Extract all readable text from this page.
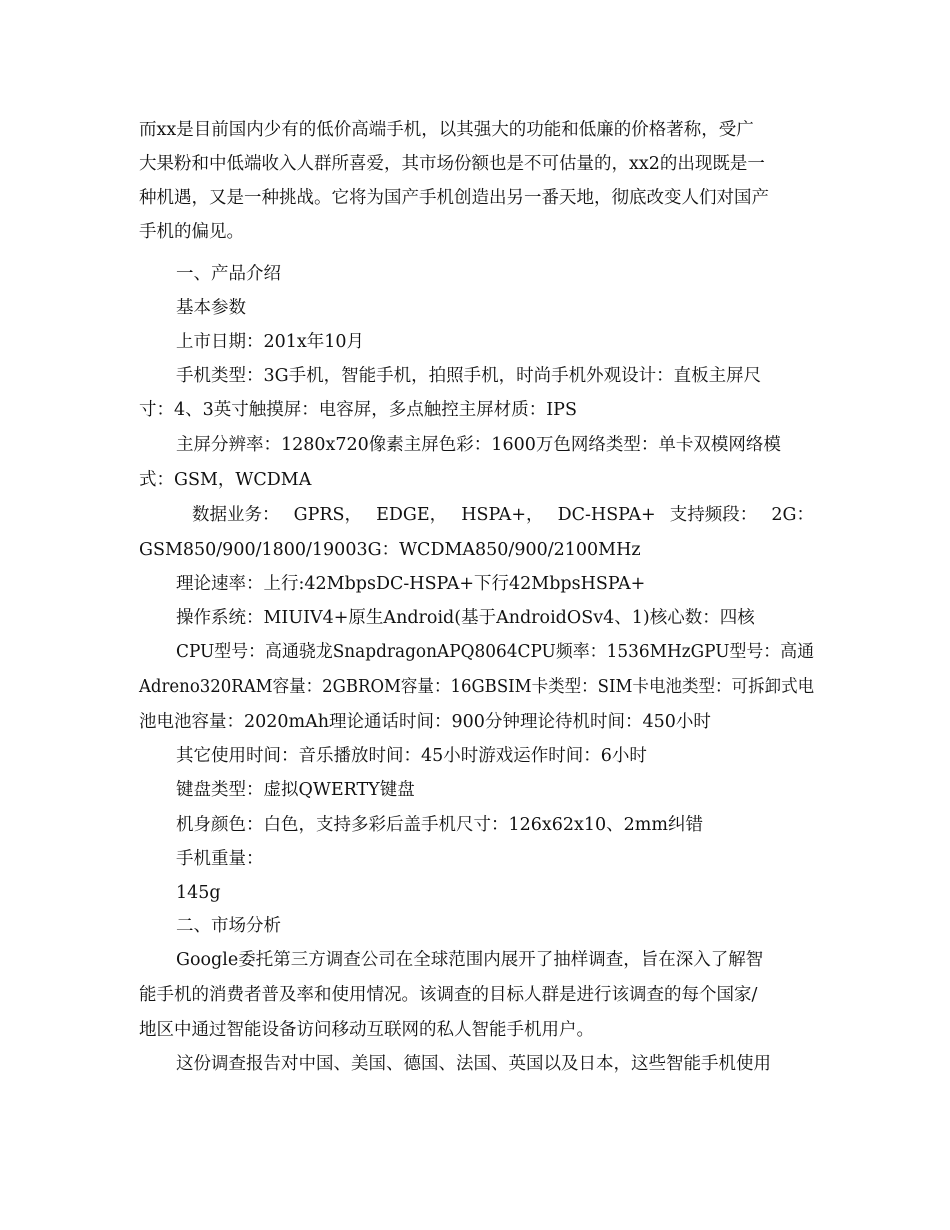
而xx是目前国内少有的低价高端手机，以其强大的功能和低廉的价格著称，受广
大果粉和中低端收入人群所喜爱，其市场份额也是不可估量的，xx2的出现既是一
种机遇，又是一种挑战。它将为国产手机创造出另一番天地，彻底改变人们对国产
手机的偏见。
一、产品介绍
基本参数
上市日期：201x年10月
手机类型：3G手机，智能手机，拍照手机，时尚手机外观设计：直板主屏尺
寸：4、3英寸触摸屏：电容屏，多点触控主屏材质：IPS
主屏分辨率：1280x720像素主屏色彩：1600万色网络类型：单卡双模网络模
式：GSM，WCDMA
数据业务： GPRS， EDGE， HSPA+， DC-HSPA+ 支持频段： 2G：
GSM850/900/1800/19003G：WCDMA850/900/2100MHz
理论速率：上行:42MbpsDC-HSPA+下行42MbpsHSPA+
操作系统：MIUIV4+原生Android(基于AndroidOSv4、1)核心数：四核
CPU型号：高通骁龙SnapdragonAPQ8064CPU频率：1536MHzGPU型号：高通
Adreno320RAM容量：2GBROM容量：16GBSIM卡类型：SIM卡电池类型：可拆卸式电
池电池容量：2020mAh理论通话时间：900分钟理论待机时间：450小时
其它使用时间：音乐播放时间：45小时游戏运作时间：6小时
键盘类型：虚拟QWERTY键盘
机身颜色：白色，支持多彩后盖手机尺寸：126x62x10、2mm纠错
手机重量：
145g
二、市场分析
Google委托第三方调查公司在全球范围内展开了抽样调查，旨在深入了解智
能手机的消费者普及率和使用情况。该调查的目标人群是进行该调查的每个国家/
地区中通过智能设备访问移动互联网的私人智能手机用户。
这份调查报告对中国、美国、德国、法国、英国以及日本，这些智能手机使用
